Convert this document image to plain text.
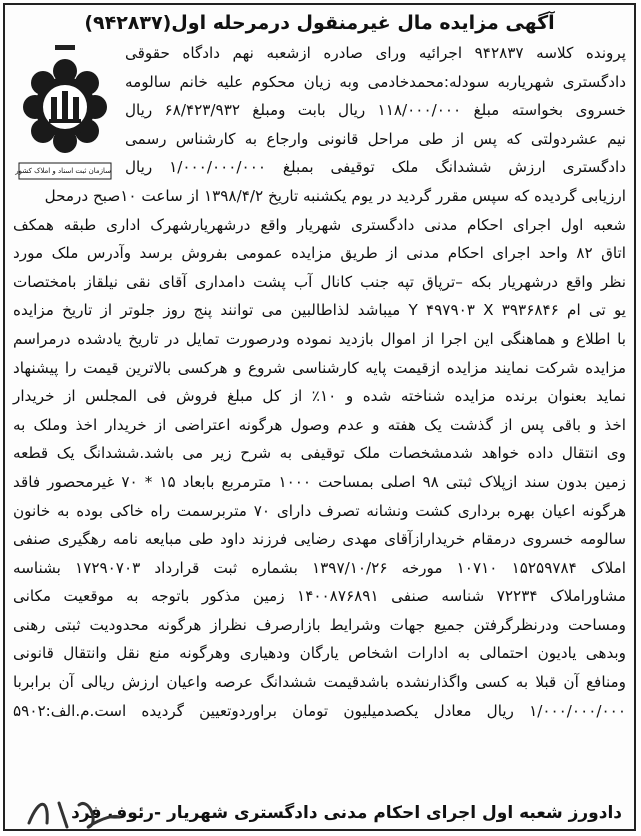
آگهی مزایده مال غیرمنقول درمرحله اول(۹۴۲۸۳۷)
سازمان ثبت اسناد و املاک کشور
پرونده کلاسه ۹۴۲۸۳۷ اجرائیه ورای صادره ازشعبه نهم دادگاه حقوقی
دادگستری شهریاربه سودله:محمدخادمی وبه زیان محکوم علیه خانم سالومه
خسروی بخواسته مبلغ ۱۱۸/۰۰۰/۰۰۰ ریال بابت ومبلغ ۶۸/۴۲۳/۹۳۲ ریال
نیم عشردولتی که پس از طی مراحل قانونی وارجاع به کارشناس رسمی
دادگستری ارزش ششدانگ ملک توقیفی بمبلغ ۱/۰۰۰/۰۰۰/۰۰۰ ریال
ارزیابی گردیده که سپس مقرر گردید در یوم یکشنبه تاریخ ۱۳۹۸/۴/۲ از ساعت ۱۰صبح درمحل
شعبه اول اجرای احکام مدنی دادگستری شهریار واقع درشهریارشهرک اداری طبقه همکف
اتاق ۸۲ واحد اجرای احکام مدنی از طریق مزایده عمومی بفروش برسد وآدرس ملک مورد
نظر واقع درشهریار بکه –ترپاق تپه جنب کانال آب پشت دامداری آقای نقی نیلقاز بامختصات
یو تی ام ۳۹۳۶۸۴۶ Y ۴۹۷۹۰۳ X میباشد لذاطالبین می توانند پنج روز جلوتر از تاریخ مزایده
با اطلاع و هماهنگی این اجرا از اموال بازدید نموده ودرصورت تمایل در تاریخ یادشده درمراسم
مزایده شرکت نمایند مزایده ازقیمت پایه کارشناسی شروع و هرکسی بالاترین قیمت را پیشنهاد
نماید بعنوان برنده مزایده شناخته شده و ۱۰٪ از کل مبلغ فروش فی المجلس از خریدار
اخذ و باقی پس از گذشت یک هفته و عدم وصول هرگونه اعتراضی از خریدار اخذ وملک به
وی انتقال داده خواهد شدمشخصات ملک توقیفی به شرح زیر می باشد.ششدانگ یک قطعه
زمین بدون سند ازپلاک ثبتی ۹۸ اصلی بمساحت ۱۰۰۰ مترمربع بابعاد ۱۵ * ۷۰ غیرمحصور فاقد
هرگونه اعیان بهره برداری کشت ونشانه تصرف دارای ۷۰ متربرسمت راه خاکی بوده به خانون
سالومه خسروی درمقام خریدارازآقای مهدی رضایی فرزند داود طی مبایعه نامه رهگیری صنفی
املاک ۱۵۲۵۹۷۸۴ ۱۰۷۱۰ مورخه ۱۳۹۷/۱۰/۲۶ بشماره ثبت قرارداد ۱۷۲۹۰۷۰۳ بشناسه
مشاوراملاک ۷۲۲۳۴ شناسه صنفی ۱۴۰۰۸۷۶۸۹۱ زمین مذکور باتوجه به موقعیت مکانی
ومساحت ودرنظرگرفتن جمیع جهات وشرایط بازارصرف نظراز هرگونه محدودیت ثبتی رهنی
وبدهی یادیون احتمالی به ادارات اشخاص یارگان ودهیاری وهرگونه منع نقل وانتقال قانونی
ومنافع آن قبلا به کسی واگذارنشده باشدقیمت ششدانگ عرصه واعیان ارزش ریالی آن برابربا
۱/۰۰۰/۰۰۰/۰۰۰ ریال معادل یکصدمیلیون تومان براوردوتعیین گردیده است.م.الف:۵۹۰۲
دادورز شعبه اول اجرای احکام مدنی دادگستری شهریار -رئوف فرد
